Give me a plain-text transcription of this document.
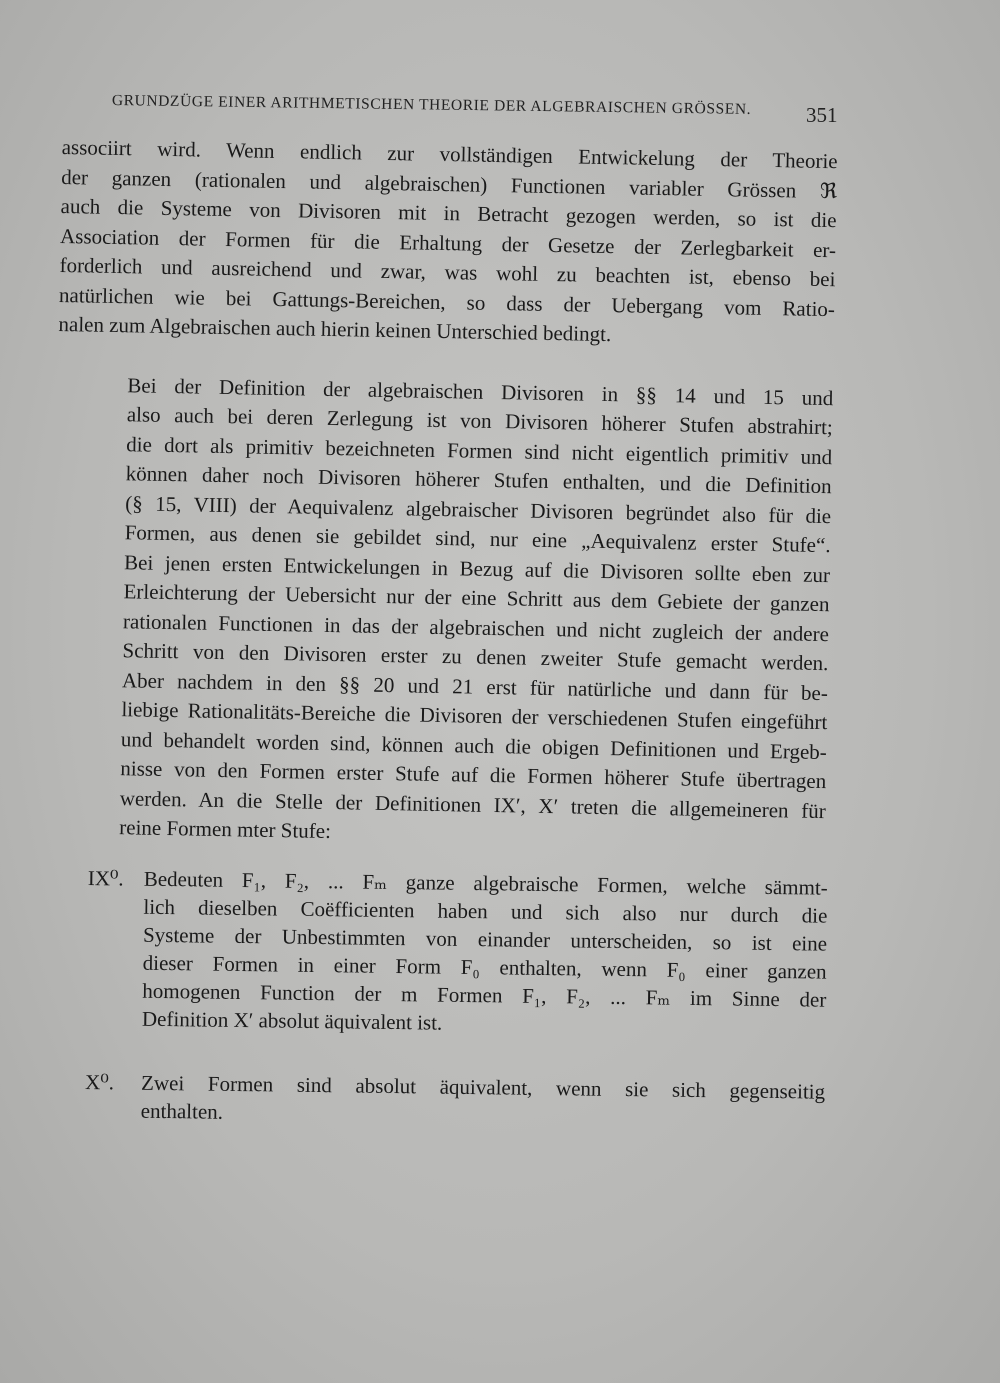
GRUNDZÜGE EINER ARITHMETISCHEN THEORIE DER ALGEBRAISCHEN GRÖSSEN.	351

associirt wird. Wenn endlich zur vollständigen Entwickelung der Theorie
der ganzen (rationalen und algebraischen) Functionen variabler Grössen ℜ
auch die Systeme von Divisoren mit in Betracht gezogen werden, so ist die
Association der Formen für die Erhaltung der Gesetze der Zerlegbarkeit er-
forderlich und ausreichend und zwar, was wohl zu beachten ist, ebenso bei
natürlichen wie bei Gattungs-Bereichen, so dass der Uebergang vom Ratio-
nalen zum Algebraischen auch hierin keinen Unterschied bedingt.

Bei der Definition der algebraischen Divisoren in §§ 14 und 15 und
also auch bei deren Zerlegung ist von Divisoren höherer Stufen abstrahirt;
die dort als primitiv bezeichneten Formen sind nicht eigentlich primitiv und
können daher noch Divisoren höherer Stufen enthalten, und die Definition
(§ 15, VIII) der Aequivalenz algebraischer Divisoren begründet also für die
Formen, aus denen sie gebildet sind, nur eine „Aequivalenz erster Stufe“.
Bei jenen ersten Entwickelungen in Bezug auf die Divisoren sollte eben zur
Erleichterung der Uebersicht nur der eine Schritt aus dem Gebiete der ganzen
rationalen Functionen in das der algebraischen und nicht zugleich der andere
Schritt von den Divisoren erster zu denen zweiter Stufe gemacht werden.
Aber nachdem in den §§ 20 und 21 erst für natürliche und dann für be-
liebige Rationalitäts-Bereiche die Divisoren der verschiedenen Stufen eingeführt
und behandelt worden sind, können auch die obigen Definitionen und Ergeb-
nisse von den Formen erster Stufe auf die Formen höherer Stufe übertragen
werden. An die Stelle der Definitionen IX′, X′ treten die allgemeineren für
reine Formen mter Stufe:

IX⁰. Bedeuten F₁, F₂, ... Fₘ ganze algebraische Formen, welche sämmt-
lich dieselben Coëfficienten haben und sich also nur durch die
Systeme der Unbestimmten von einander unterscheiden, so ist eine
dieser Formen in einer Form F₀ enthalten, wenn F₀ einer ganzen
homogenen Function der m Formen F₁, F₂, ... Fₘ im Sinne der
Definition X′ absolut äquivalent ist.
X⁰.	Zwei Formen sind absolut äquivalent, wenn sie sich gegenseitig
enthalten.
